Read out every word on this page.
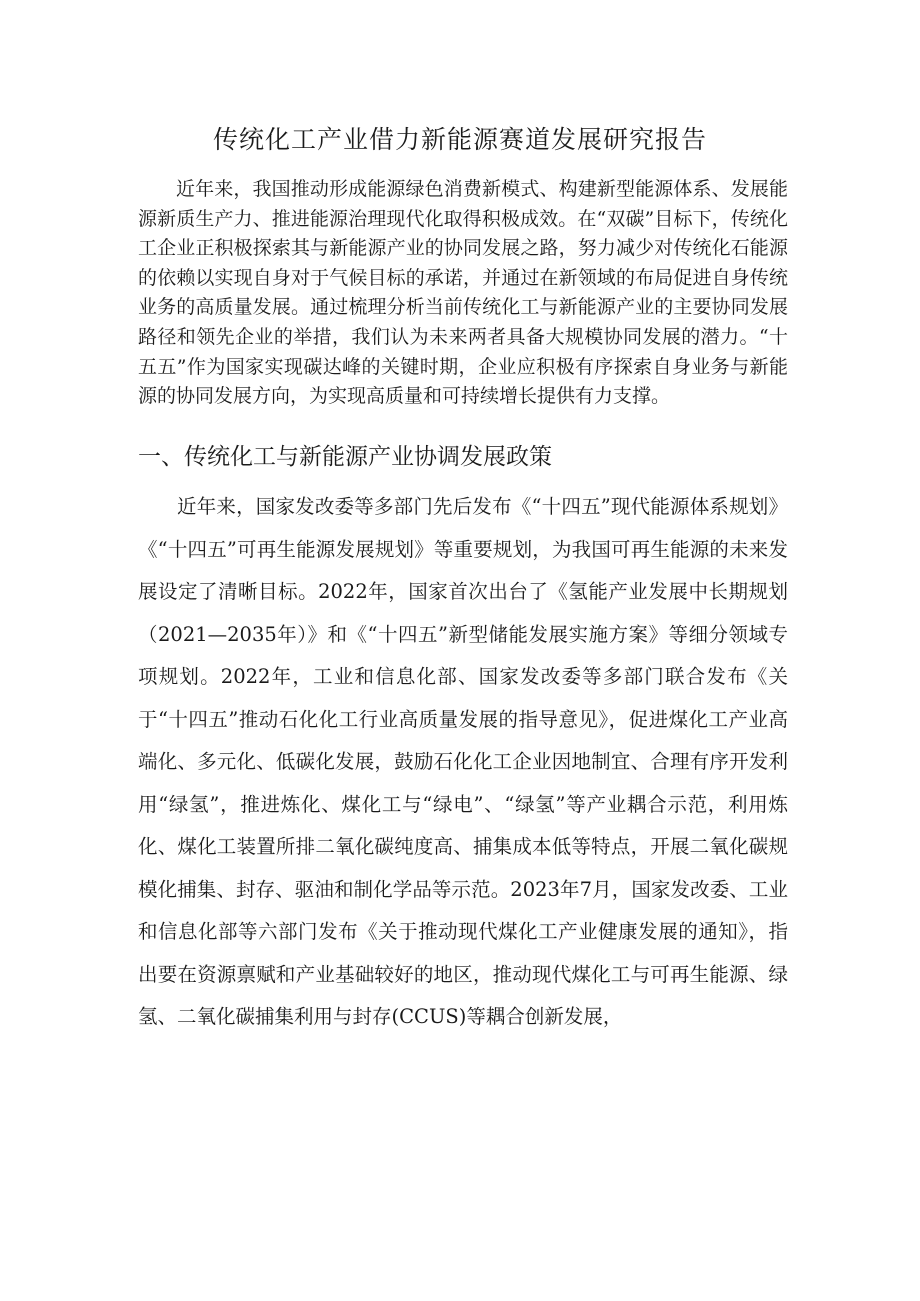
传统化工产业借力新能源赛道发展研究报告

近年来，我国推动形成能源绿色消费新模式、构建新型能源体系、发展能源新质生产力、推进能源治理现代化取得积极成效。在“双碳”目标下，传统化工企业正积极探索其与新能源产业的协同发展之路，努力减少对传统化石能源的依赖以实现自身对于气候目标的承诺，并通过在新领域的布局促进自身传统业务的高质量发展。通过梳理分析当前传统化工与新能源产业的主要协同发展路径和领先企业的举措，我们认为未来两者具备大规模协同发展的潜力。“十五五”作为国家实现碳达峰的关键时期，企业应积极有序探索自身业务与新能源的协同发展方向，为实现高质量和可持续增长提供有力支撑。

一、传统化工与新能源产业协调发展政策

近年来，国家发改委等多部门先后发布《“十四五”现代能源体系规划》《“十四五”可再生能源发展规划》等重要规划，为我国可再生能源的未来发展设定了清晰目标。2022年，国家首次出台了《氢能产业发展中长期规划（2021—2035年）》和《“十四五”新型储能发展实施方案》等细分领域专项规划。2022年，工业和信息化部、国家发改委等多部门联合发布《关于“十四五”推动石化化工行业高质量发展的指导意见》，促进煤化工产业高端化、多元化、低碳化发展，鼓励石化化工企业因地制宜、合理有序开发利用“绿氢”，推进炼化、煤化工与“绿电”、“绿氢”等产业耦合示范，利用炼化、煤化工装置所排二氧化碳纯度高、捕集成本低等特点，开展二氧化碳规模化捕集、封存、驱油和制化学品等示范。2023年7月，国家发改委、工业和信息化部等六部门发布《关于推动现代煤化工产业健康发展的通知》，指出要在资源禀赋和产业基础较好的地区，推动现代煤化工与可再生能源、绿氢、二氧化碳捕集利用与封存(CCUS)等耦合创新发展，
